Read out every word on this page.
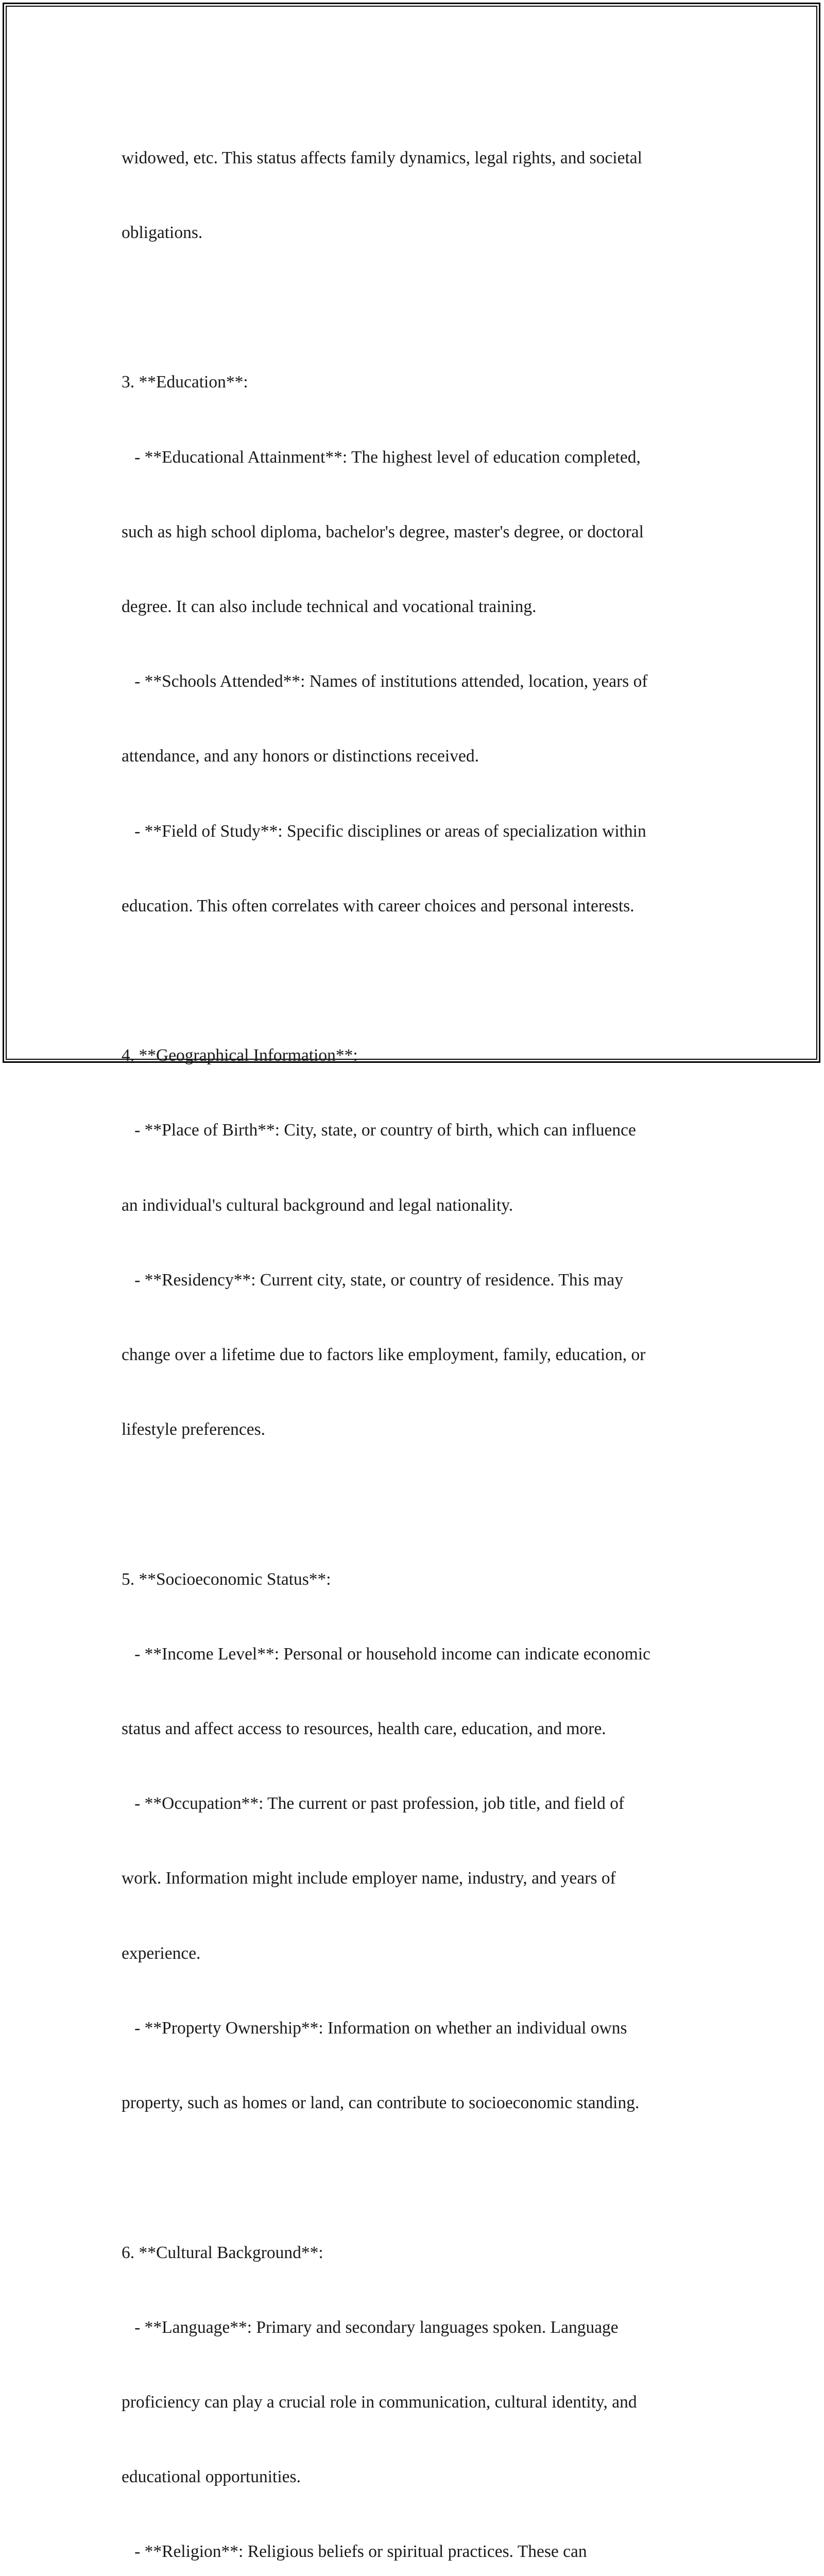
widowed, etc. This status affects family dynamics, legal rights, and societal

obligations.

3. **Education**:

- **Educational Attainment**: The highest level of education completed,

such as high school diploma, bachelor's degree, master's degree, or doctoral

degree. It can also include technical and vocational training.

- **Schools Attended**: Names of institutions attended, location, years of

attendance, and any honors or distinctions received.

- **Field of Study**: Specific disciplines or areas of specialization within

education. This often correlates with career choices and personal interests.

4. **Geographical Information**:

- **Place of Birth**: City, state, or country of birth, which can influence

an individual's cultural background and legal nationality.

- **Residency**: Current city, state, or country of residence. This may

change over a lifetime due to factors like employment, family, education, or

lifestyle preferences.

5. **Socioeconomic Status**:

- **Income Level**: Personal or household income can indicate economic

status and affect access to resources, health care, education, and more.

- **Occupation**: The current or past profession, job title, and field of

work. Information might include employer name, industry, and years of

experience.

- **Property Ownership**: Information on whether an individual owns

property, such as homes or land, can contribute to socioeconomic standing.

6. **Cultural Background**:

- **Language**: Primary and secondary languages spoken. Language

proficiency can play a crucial role in communication, cultural identity, and

educational opportunities.

- **Religion**: Religious beliefs or spiritual practices. These can
